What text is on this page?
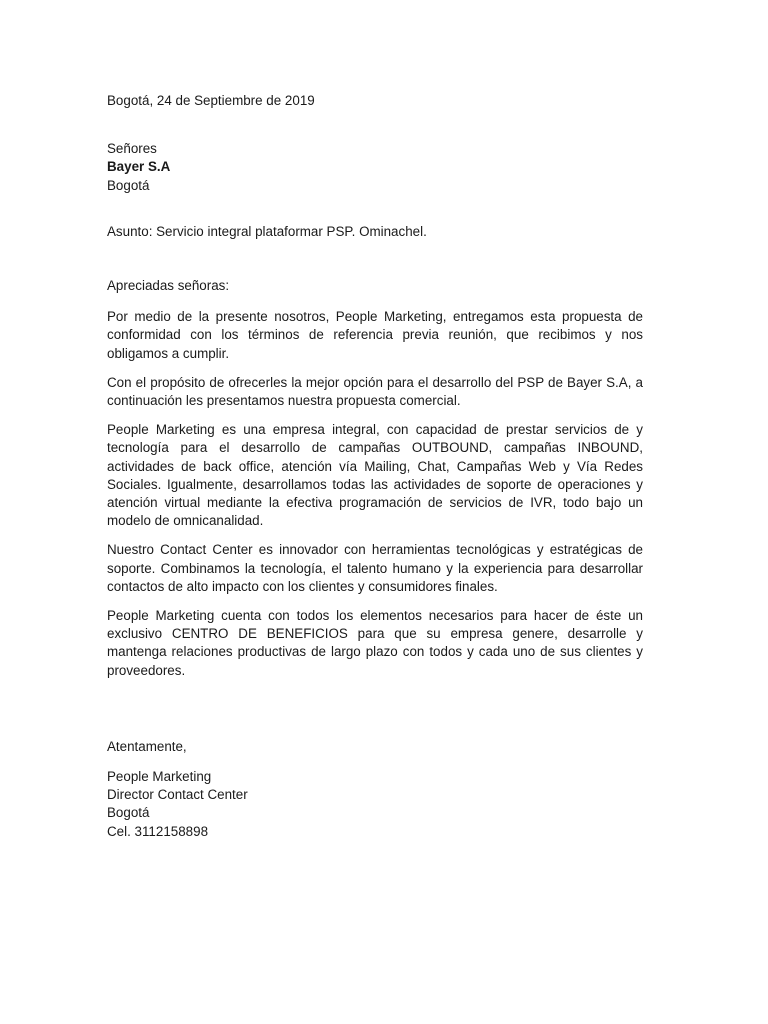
Bogotá, 24 de Septiembre de 2019
Señores
Bayer S.A
Bogotá
Asunto: Servicio integral plataformar PSP. Ominachel.
Apreciadas señoras:

Por medio de la presente nosotros, People Marketing, entregamos esta propuesta de conformidad con los términos de referencia previa reunión, que recibimos y nos obligamos a cumplir.

Con el propósito de ofrecerles la mejor opción para el desarrollo del PSP de Bayer S.A, a continuación les presentamos nuestra propuesta comercial.

People Marketing es una empresa integral, con capacidad de prestar servicios de y tecnología para el desarrollo de campañas OUTBOUND, campañas INBOUND, actividades de back office, atención vía Mailing, Chat, Campañas Web y Vía Redes Sociales. Igualmente, desarrollamos todas las actividades de soporte de operaciones y atención virtual mediante la efectiva programación de servicios de IVR, todo bajo un modelo de omnicanalidad.

Nuestro Contact Center es innovador con herramientas tecnológicas y estratégicas de soporte. Combinamos la tecnología, el talento humano y la experiencia para desarrollar contactos de alto impacto con los clientes y consumidores finales.

People Marketing cuenta con todos los elementos necesarios para hacer de éste un exclusivo CENTRO DE BENEFICIOS para que su empresa genere, desarrolle y mantenga relaciones productivas de largo plazo con todos y cada uno de sus clientes y proveedores.

Atentamente,
People Marketing
Director Contact Center
Bogotá
Cel. 3112158898
